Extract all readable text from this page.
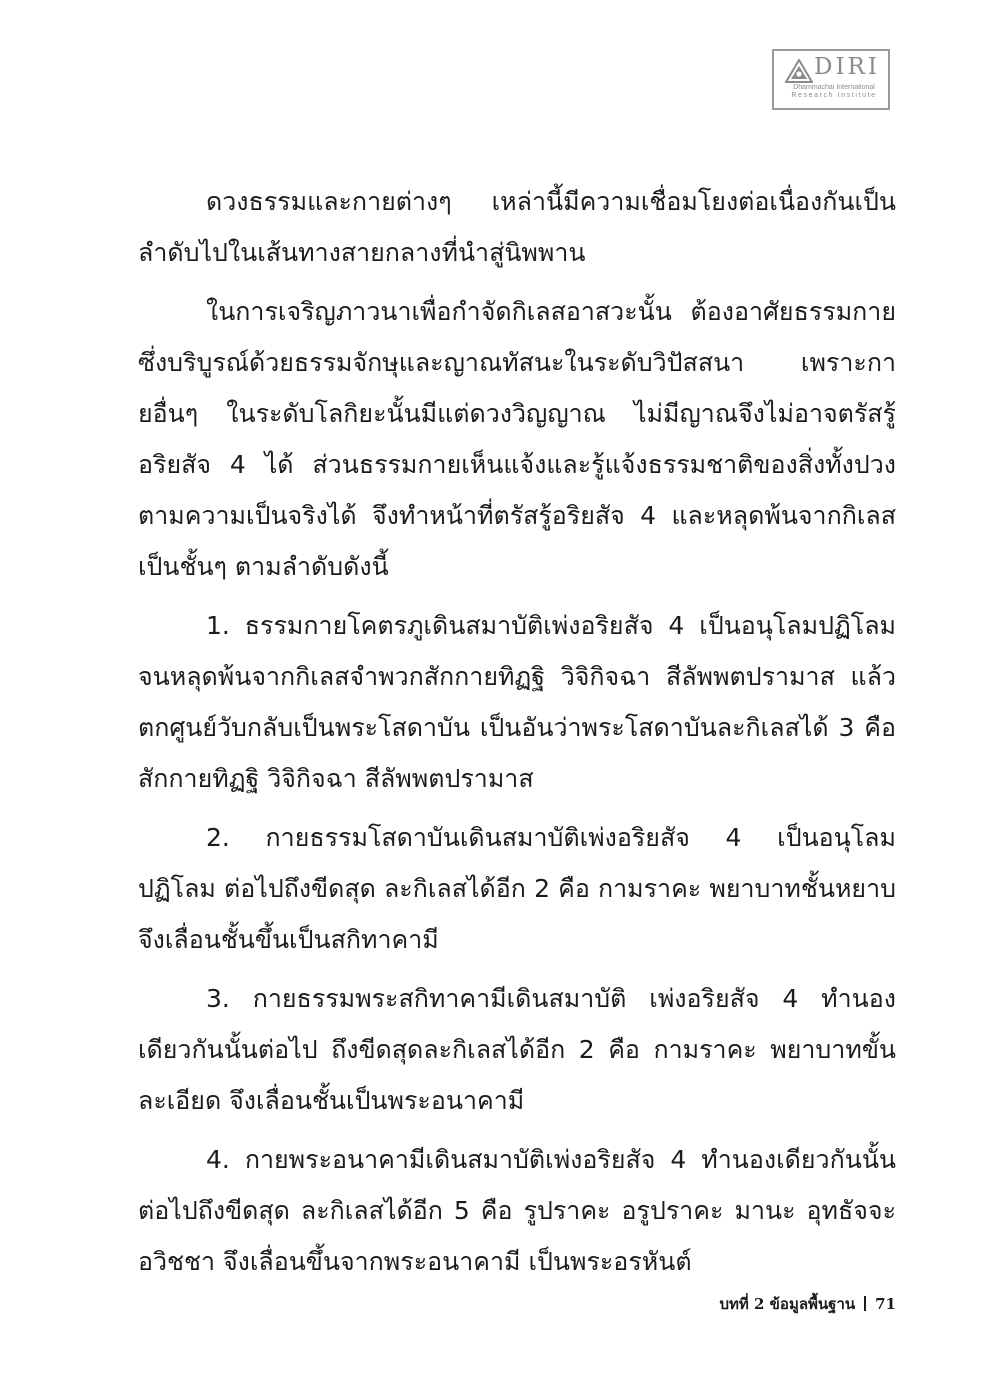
DIRI
Dhammachai International
Research Institute

ดวงธรรมและกายต่างๆ เหล่านี้มีความเชื่อมโยงต่อเนื่องกันเป็นลำดับไปในเส้นทางสายกลางที่นำสู่นิพพาน

ในการเจริญภาวนาเพื่อกำจัดกิเลสอาสวะนั้น ต้องอาศัยธรรมกายซึ่งบริบูรณ์ด้วยธรรมจักษุและญาณทัสนะในระดับวิปัสสนา เพราะกายอื่นๆ ในระดับโลกิยะนั้นมีแต่ดวงวิญญาณ ไม่มีญาณจึงไม่อาจตรัสรู้อริยสัจ 4 ได้ ส่วนธรรมกายเห็นแจ้งและรู้แจ้งธรรมชาติของสิ่งทั้งปวงตามความเป็นจริงได้ จึงทำหน้าที่ตรัสรู้อริยสัจ 4 และหลุดพ้นจากกิเลสเป็นชั้นๆ ตามลำดับดังนี้

1. ธรรมกายโคตรภูเดินสมาบัติเพ่งอริยสัจ 4 เป็นอนุโลมปฏิโลม จนหลุดพ้นจากกิเลสจำพวกสักกายทิฏฐิ วิจิกิจฉา สีลัพพตปรามาส แล้วตกศูนย์วับกลับเป็นพระโสดาบัน เป็นอันว่าพระโสดาบันละกิเลสได้ 3 คือ สักกายทิฏฐิ วิจิกิจฉา สีลัพพตปรามาส

2. กายธรรมโสดาบันเดินสมาบัติเพ่งอริยสัจ 4 เป็นอนุโลม ปฏิโลม ต่อไปถึงขีดสุด ละกิเลสได้อีก 2 คือ กามราคะ พยาบาทชั้นหยาบ จึงเลื่อนชั้นขึ้นเป็นสกิทาคามี

3. กายธรรมพระสกิทาคามีเดินสมาบัติ เพ่งอริยสัจ 4 ทำนองเดียวกันนั้นต่อไป ถึงขีดสุดละกิเลสได้อีก 2 คือ กามราคะ พยาบาทขั้นละเอียด จึงเลื่อนชั้นเป็นพระอนาคามี

4. กายพระอนาคามีเดินสมาบัติเพ่งอริยสัจ 4 ทำนองเดียวกันนั้นต่อไปถึงขีดสุด ละกิเลสได้อีก 5 คือ รูปราคะ อรูปราคะ มานะ อุทธัจจะ อวิชชา จึงเลื่อนขึ้นจากพระอนาคามี เป็นพระอรหันต์

บทที่ 2 ข้อมูลพื้นฐาน 71
